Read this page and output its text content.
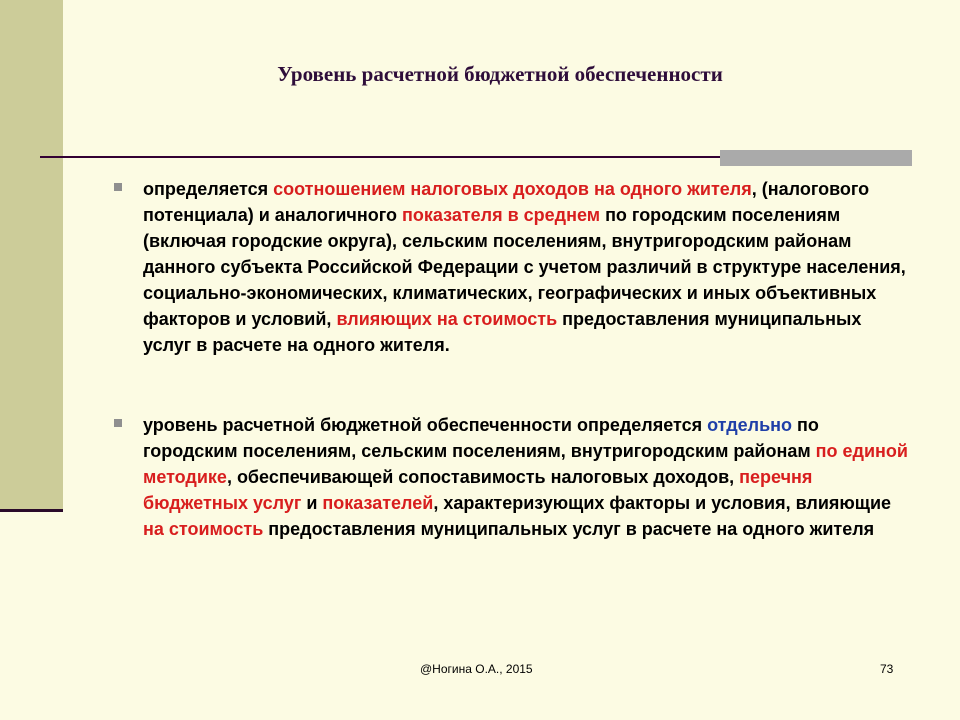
Уровень расчетной бюджетной обеспеченности
определяется соотношением налоговых доходов на одного жителя, (налогового потенциала) и аналогичного показателя в среднем по городским поселениям (включая городские округа), сельским поселениям, внутригородским районам данного субъекта Российской Федерации с учетом различий в структуре населения, социально-экономических, климатических, географических и иных объективных факторов и условий, влияющих на стоимость предоставления муниципальных услуг в расчете на одного жителя.
уровень расчетной бюджетной обеспеченности определяется отдельно по городским поселениям, сельским поселениям, внутригородским районам по единой методике, обеспечивающей сопоставимость налоговых доходов, перечня бюджетных услуг и показателей, характеризующих факторы и условия, влияющие на стоимость предоставления муниципальных услуг в расчете на одного жителя
@Ногина О.А., 2015	73
